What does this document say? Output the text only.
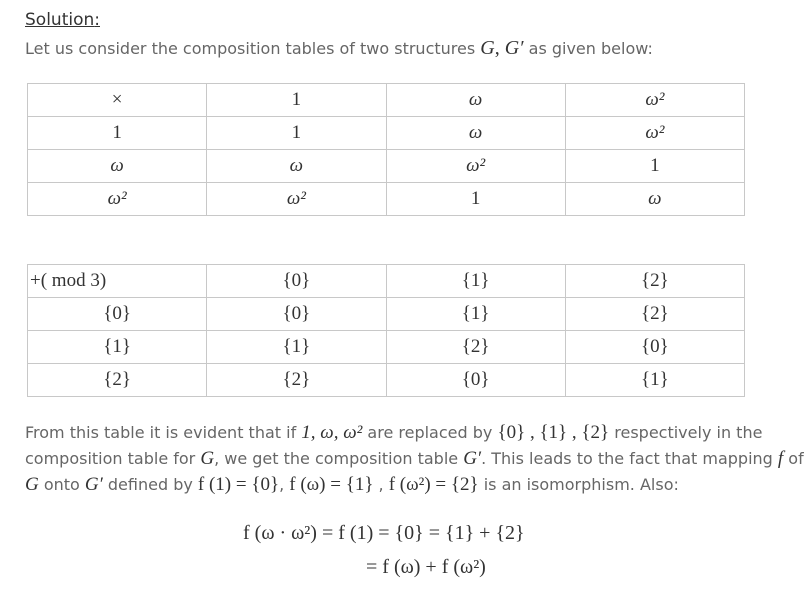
Solution:
Let us consider the composition tables of two structures G, G′ as given below:
×	1	ω	ω²
1	1	ω	ω²
ω	ω	ω²	1
ω²	ω²	1	ω
+( mod 3)	{0}	{1}	{2}
{0}	{0}	{1}	{2}
{1}	{1}	{2}	{0}
{2}	{2}	{0}	{1}
From this table it is evident that if 1, ω, ω² are replaced by {0} , {1} , {2} respectively in the
composition table for G, we get the composition table G′. This leads to the fact that mapping f of
G onto G′ defined by f (1) = {0}, f (ω) = {1} , f (ω²) = {2} is an isomorphism. Also:
f (ω · ω²) = f (1) = {0} = {1} + {2}
= f (ω) + f (ω²)
